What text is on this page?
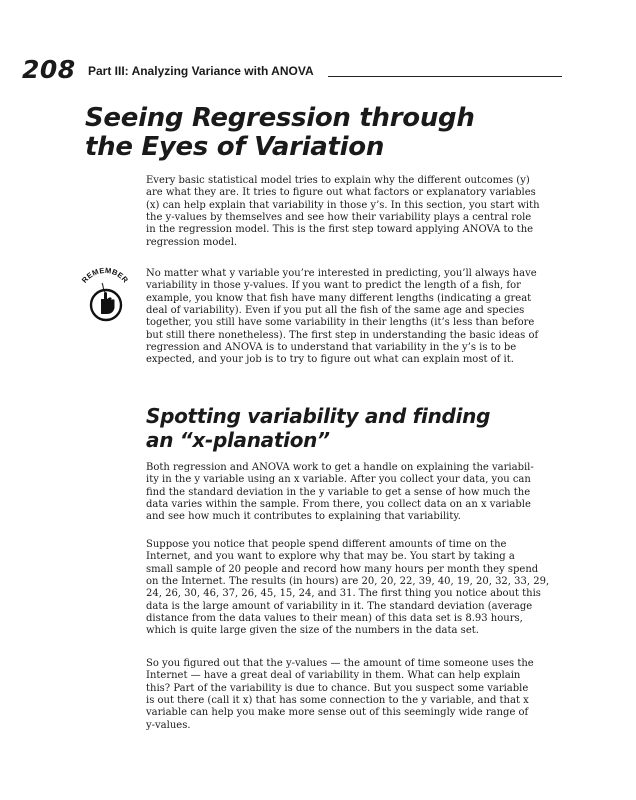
208 Part III: Analyzing Variance with ANOVA
Seeing Regression through
the Eyes of Variation

Every basic statistical model tries to explain why the different outcomes (y)
are what they are. It tries to figure out what factors or explanatory variables
(x) can help explain that variability in those y’s. In this section, you start with
the y-values by themselves and see how their variability plays a central role
in the regression model. This is the first step toward applying ANOVA to the
regression model.

REMEMBER

No matter what y variable you’re interested in predicting, you’ll always have
variability in those y-values. If you want to predict the length of a fish, for
example, you know that fish have many different lengths (indicating a great
deal of variability). Even if you put all the fish of the same age and species
together, you still have some variability in their lengths (it’s less than before
but still there nonetheless). The first step in understanding the basic ideas of
regression and ANOVA is to understand that variability in the y’s is to be
expected, and your job is to try to figure out what can explain most of it.

Spotting variability and finding
an “x-planation”

Both regression and ANOVA work to get a handle on explaining the variabil-
ity in the y variable using an x variable. After you collect your data, you can
find the standard deviation in the y variable to get a sense of how much the
data varies within the sample. From there, you collect data on an x variable
and see how much it contributes to explaining that variability.

Suppose you notice that people spend different amounts of time on the
Internet, and you want to explore why that may be. You start by taking a
small sample of 20 people and record how many hours per month they spend
on the Internet. The results (in hours) are 20, 20, 22, 39, 40, 19, 20, 32, 33, 29,
24, 26, 30, 46, 37, 26, 45, 15, 24, and 31. The first thing you notice about this
data is the large amount of variability in it. The standard deviation (average
distance from the data values to their mean) of this data set is 8.93 hours,
which is quite large given the size of the numbers in the data set.

So you figured out that the y-values — the amount of time someone uses the
Internet — have a great deal of variability in them. What can help explain
this? Part of the variability is due to chance. But you suspect some variable
is out there (call it x) that has some connection to the y variable, and that x
variable can help you make more sense out of this seemingly wide range of
y-values.
